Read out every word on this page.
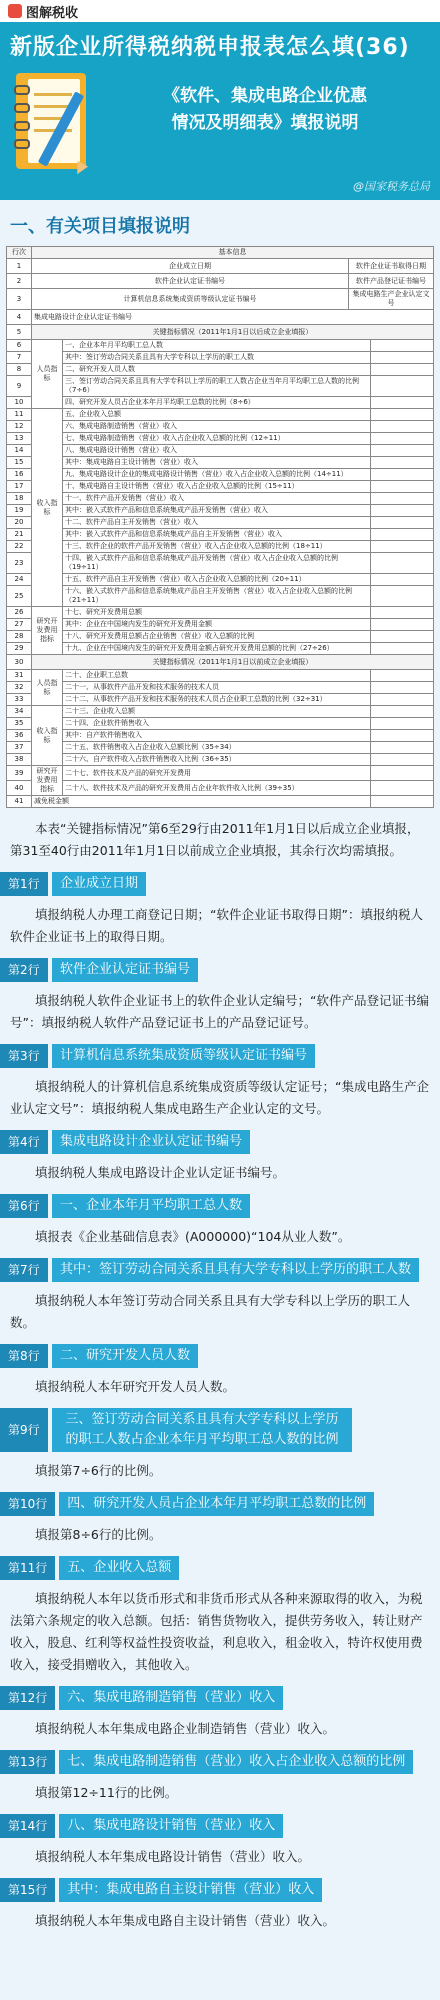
图解税收
新版企业所得税纳税申报表怎么填(36)
《软件、集成电路企业优惠
情况及明细表》填报说明
@国家税务总局
一、有关项目填报说明
行次	基本信息			
1	企业成立日期		软件企业证书取得日期	
2	软件企业认定证书编号		软件产品登记证书编号	
3	计算机信息系统集成资质等级认定证书编号		集成电路生产企业认定文号	
4	集成电路设计企业认定证书编号			
5	关键指标情况（2011年1月1日以后成立企业填报）			
6	人员指标	一、企业本年月平均职工总人数		
7		其中：签订劳动合同关系且具有大学专科以上学历的职工人数		
8		二、研究开发人员人数		
9		三、签订劳动合同关系且具有大学专科以上学历的职工人数占企业当年月平均职工总人数的比例（7÷6）		
10		四、研究开发人员占企业本年月平均职工总数的比例（8÷6）		
11	收入指标	五、企业收入总额		
12		六、集成电路制造销售（营业）收入		
13		七、集成电路制造销售（营业）收入占企业收入总额的比例（12÷11）		
14		八、集成电路设计销售（营业）收入		
15		其中：集成电路自主设计销售（营业）收入		
16		九、集成电路设计企业的集成电路设计销售（营业）收入占企业收入总额的比例（14÷11）		
17		十、集成电路自主设计销售（营业）收入占企业收入总额的比例（15÷11）		
18		十一、软件产品开发销售（营业）收入		
19		其中：嵌入式软件产品和信息系统集成产品开发销售（营业）收入		
20		十二、软件产品自主开发销售（营业）收入		
21		其中：嵌入式软件产品和信息系统集成产品自主开发销售（营业）收入		
22		十三、软件企业的软件产品开发销售（营业）收入占企业收入总额的比例（18÷11）		
23		十四、嵌入式软件产品和信息系统集成产品开发销售（营业）收入占企业收入总额的比例（19÷11）		
24		十五、软件产品自主开发销售（营业）收入占企业收入总额的比例（20÷11）		
25		十六、嵌入式软件产品和信息系统集成产品自主开发销售（营业）收入占企业收入总额的比例（21÷11）		
26	研究开发费用指标	十七、研究开发费用总额		
27		其中：企业在中国境内发生的研究开发费用金额		
28		十八、研究开发费用总额占企业销售（营业）收入总额的比例		
29		十九、企业在中国境内发生的研究开发费用金额占研究开发费用总额的比例（27÷26）		
30	关键指标情况（2011年1月1日以前成立企业填报）			
31	人员指标	二十、企业职工总数		
32		二十一、从事软件产品开发和技术服务的技术人员		
33		二十二、从事软件产品开发和技术服务的技术人员占企业职工总数的比例（32÷31）		
34	收入指标	二十三、企业收入总额		
35		二十四、企业软件销售收入		
36		其中：自产软件销售收入		
37		二十五、软件销售收入占企业收入总额比例（35÷34）		
38		二十六、自产软件收入占软件销售收入比例（36÷35）		
39	研究开发费用指标	二十七、软件技术及产品的研究开发费用		
40		二十八、软件技术及产品的研究开发费用占企业年软件收入比例（39÷35）		
41	减免税金额			
本表“关键指标情况”第6至29行由2011年1月1日以后成立企业填报，第31至40行由2011年1月1日以前成立企业填报，其余行次均需填报。
第1行	企业成立日期
填报纳税人办理工商登记日期；“软件企业证书取得日期”：填报纳税人软件企业证书上的取得日期。
第2行	软件企业认定证书编号
填报纳税人软件企业证书上的软件企业认定编号；“软件产品登记证书编号”：填报纳税人软件产品登记证书上的产品登记证号。
第3行	计算机信息系统集成资质等级认定证书编号
填报纳税人的计算机信息系统集成资质等级认定证号；“集成电路生产企业认定文号”：填报纳税人集成电路生产企业认定的文号。
第4行	集成电路设计企业认定证书编号
填报纳税人集成电路设计企业认定证书编号。
第6行	一、企业本年月平均职工总人数
填报表《企业基础信息表》(A000000)“104从业人数”。
第7行	其中：签订劳动合同关系且具有大学专科以上学历的职工人数
填报纳税人本年签订劳动合同关系且具有大学专科以上学历的职工人数。
第8行	二、研究开发人员人数
填报纳税人本年研究开发人员人数。
第9行
三、签订劳动合同关系且具有大学专科以上学历的职工人数占企业本年月平均职工总人数的比例
填报第7÷6行的比例。
第10行	四、研究开发人员占企业本年月平均职工总数的比例
填报第8÷6行的比例。
第11行	五、企业收入总额
填报纳税人本年以货币形式和非货币形式从各种来源取得的收入，为税法第六条规定的收入总额。包括：销售货物收入，提供劳务收入，转让财产收入，股息、红利等权益性投资收益，利息收入，租金收入，特许权使用费收入，接受捐赠收入，其他收入。
第12行	六、集成电路制造销售（营业）收入
填报纳税人本年集成电路企业制造销售（营业）收入。
第13行	七、集成电路制造销售（营业）收入占企业收入总额的比例
填报第12÷11行的比例。
第14行	八、集成电路设计销售（营业）收入
填报纳税人本年集成电路设计销售（营业）收入。
第15行	其中：集成电路自主设计销售（营业）收入
填报纳税人本年集成电路自主设计销售（营业）收入。
